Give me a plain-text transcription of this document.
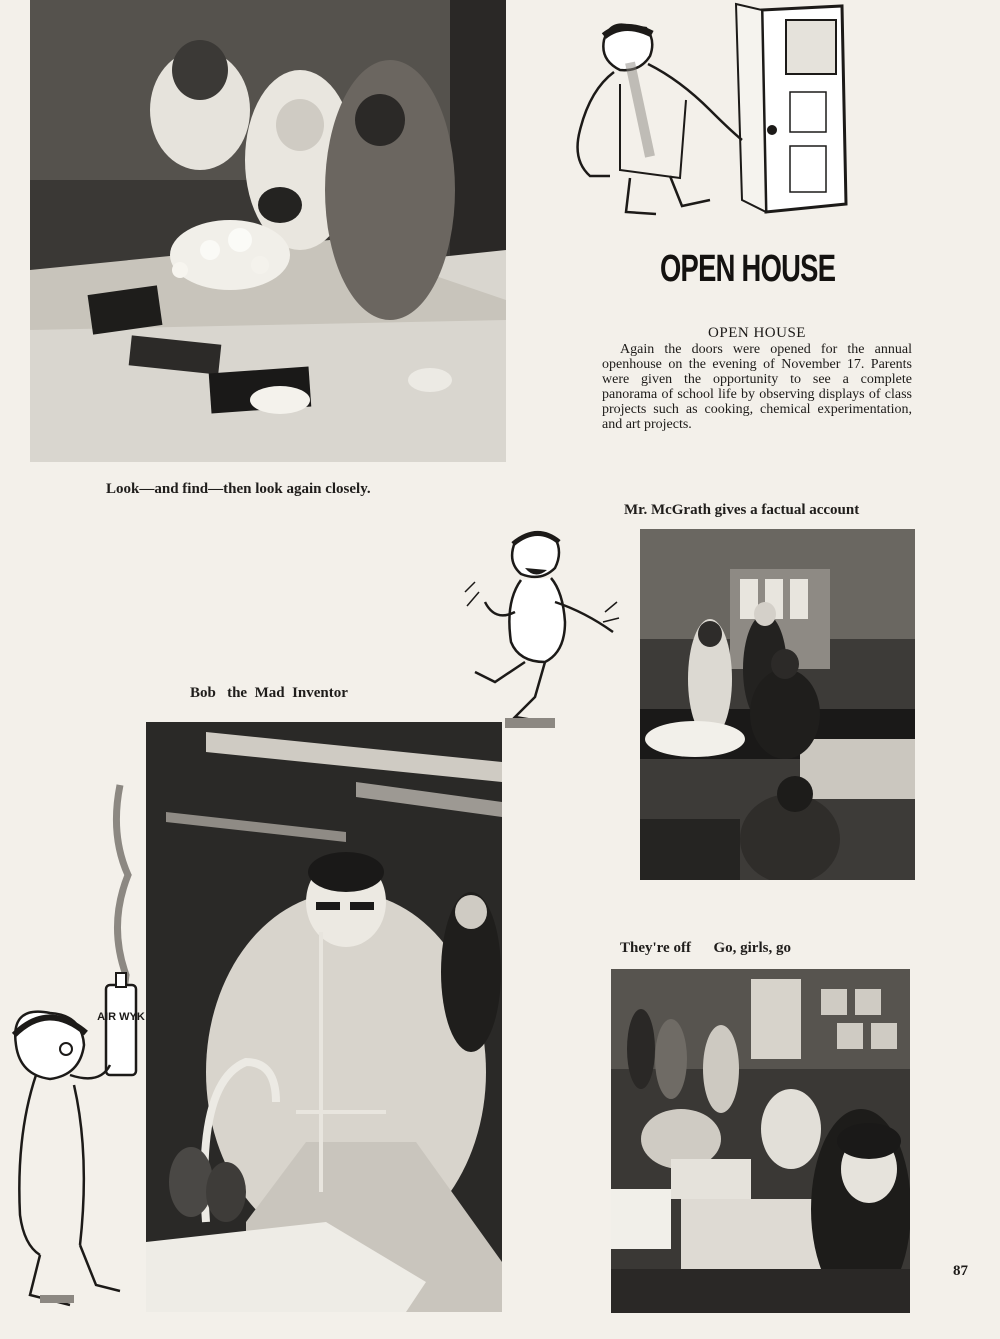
Look—and find—then look again closely.
OPEN HOUSE
OPEN HOUSE
Again the doors were opened for the annual openhouse on the evening of November 17. Parents were given the opportunity to see a complete panorama of school life by observing displays of class projects such as cooking, chemical experimentation, and art projects.
Mr. McGrath gives a factual account
Bob   the  Mad  Inventor
AIR WYK
They're off      Go, girls, go
87
